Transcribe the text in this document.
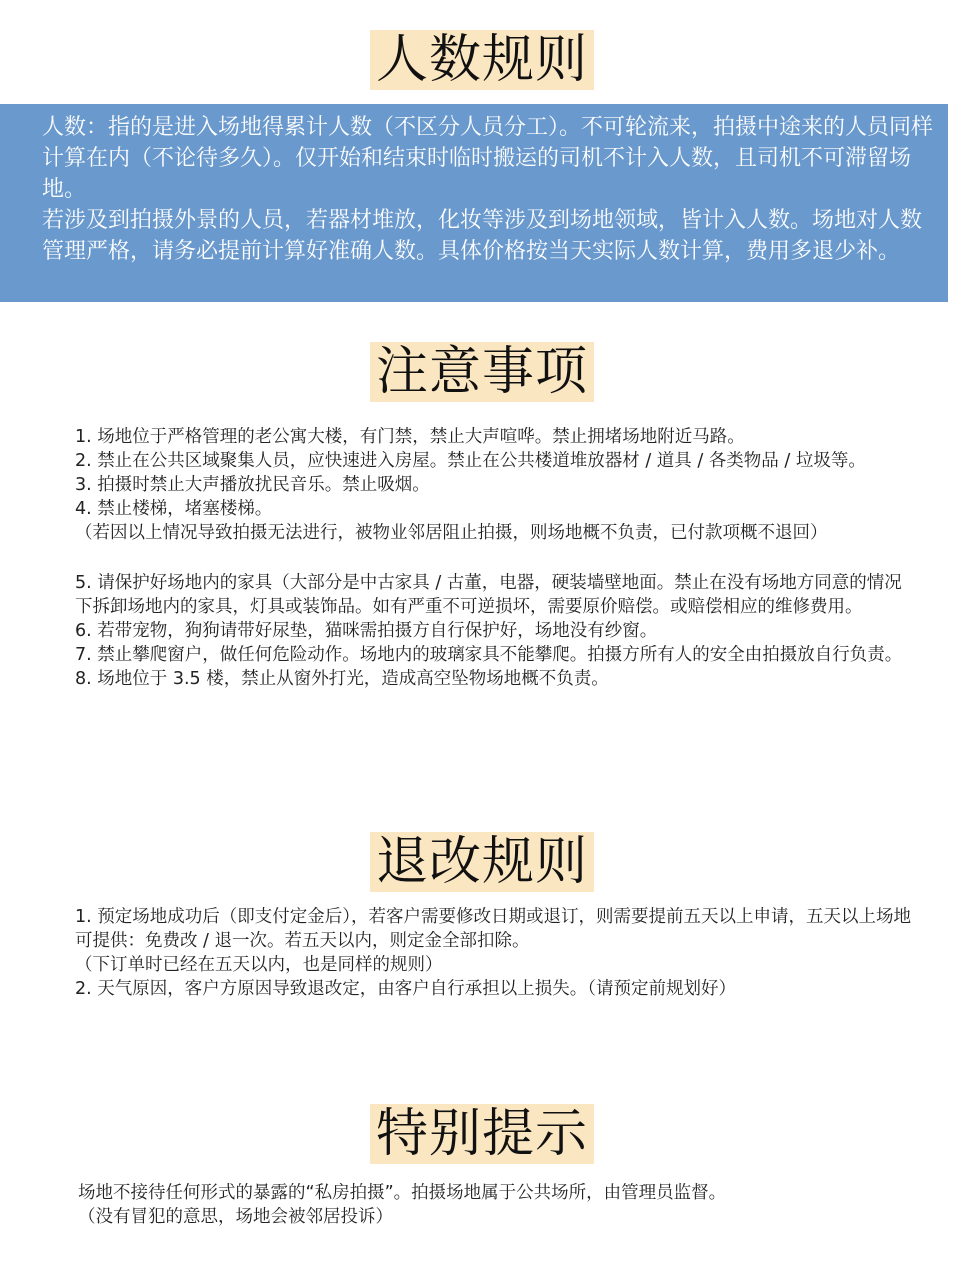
人数规则

人数：指的是进入场地得累计人数（不区分人员分工）。不可轮流来，拍摄中途来的人员同样计算在内（不论待多久）。仅开始和结束时临时搬运的司机不计入人数，且司机不可滞留场地。

若涉及到拍摄外景的人员，若器材堆放，化妆等涉及到场地领域，皆计入人数。场地对人数管理严格，请务必提前计算好准确人数。具体价格按当天实际人数计算，费用多退少补。

注意事项

1. 场地位于严格管理的老公寓大楼，有门禁，禁止大声喧哗。禁止拥堵场地附近马路。

2. 禁止在公共区域聚集人员，应快速进入房屋。禁止在公共楼道堆放器材 / 道具 / 各类物品 / 垃圾等。

3. 拍摄时禁止大声播放扰民音乐。禁止吸烟。

4. 禁止楼梯，堵塞楼梯。

（若因以上情况导致拍摄无法进行，被物业邻居阻止拍摄，则场地概不负责，已付款项概不退回）

5. 请保护好场地内的家具（大部分是中古家具 / 古董，电器，硬装墙壁地面。禁止在没有场地方同意的情况下拆卸场地内的家具，灯具或装饰品。如有严重不可逆损坏，需要原价赔偿。或赔偿相应的维修费用。

6. 若带宠物，狗狗请带好尿垫，猫咪需拍摄方自行保护好，场地没有纱窗。

7. 禁止攀爬窗户，做任何危险动作。场地内的玻璃家具不能攀爬。拍摄方所有人的安全由拍摄放自行负责。

8. 场地位于 3.5 楼，禁止从窗外打光，造成高空坠物场地概不负责。

退改规则

1. 预定场地成功后（即支付定金后），若客户需要修改日期或退订，则需要提前五天以上申请，五天以上场地可提供：免费改 / 退一次。若五天以内，则定金全部扣除。

（下订单时已经在五天以内，也是同样的规则）

2. 天气原因，客户方原因导致退改定，由客户自行承担以上损失。（请预定前规划好）

特别提示

场地不接待任何形式的暴露的“私房拍摄”。拍摄场地属于公共场所，由管理员监督。

（没有冒犯的意思，场地会被邻居投诉）
